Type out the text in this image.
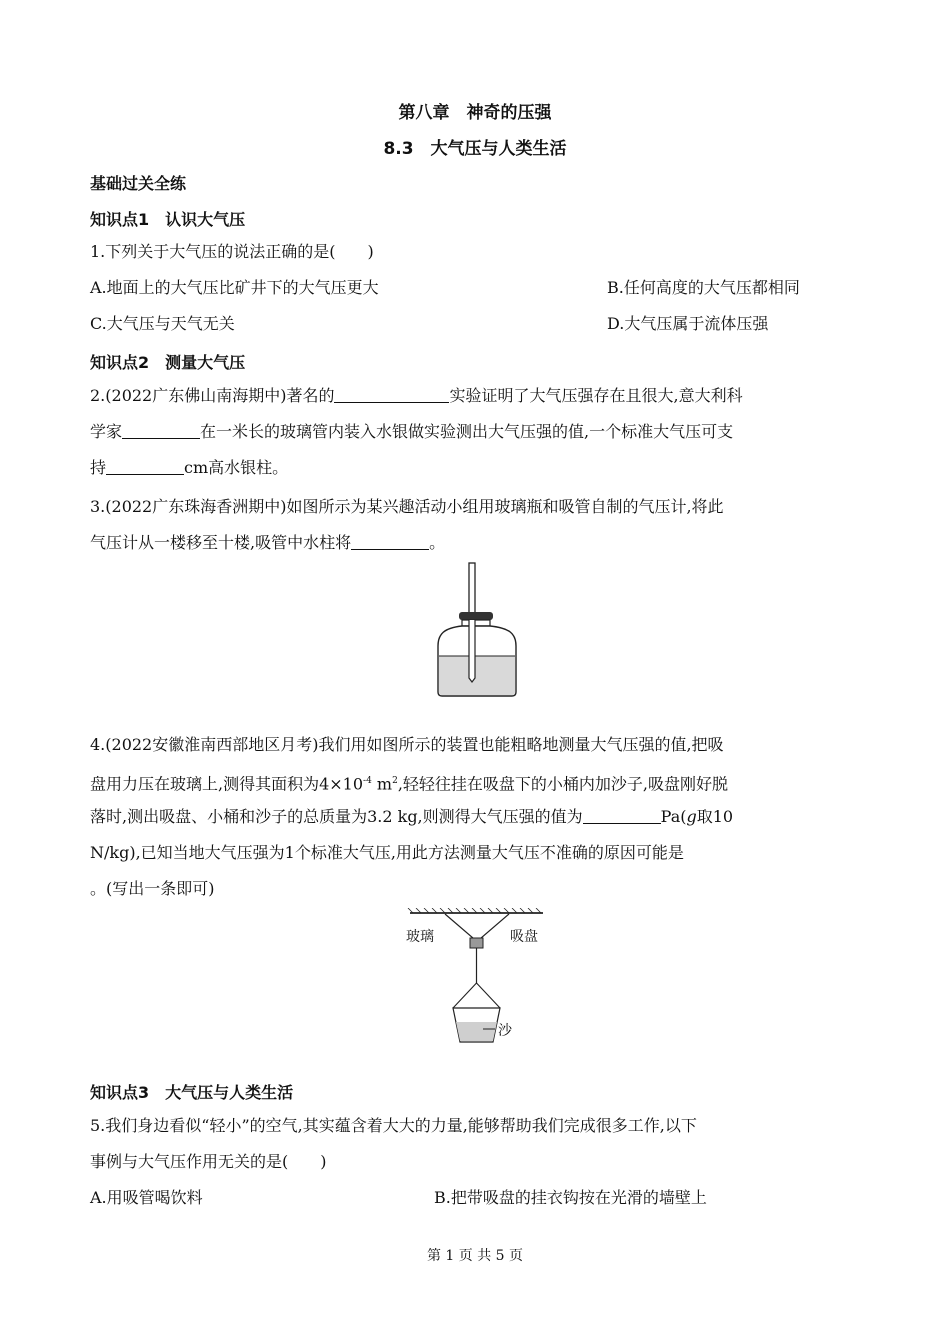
第八章　神奇的压强
8.3　大气压与人类生活
基础过关全练
知识点1　认识大气压
1.下列关于大气压的说法正确的是(　　)
A.地面上的大气压比矿井下的大气压更大	B.任何高度的大气压都相同
C.大气压与天气无关	D.大气压属于流体压强
知识点2　测量大气压
2.(2022广东佛山南海期中)著名的	实验证明了大气压强存在且很大,意大利科
学家	在一米长的玻璃管内装入水银做实验测出大气压强的值,一个标准大气压可支
持	cm高水银柱。
3.(2022广东珠海香洲期中)如图所示为某兴趣活动小组用玻璃瓶和吸管自制的气压计,将此
气压计从一楼移至十楼,吸管中水柱将	。
4.(2022安徽淮南西部地区月考)我们用如图所示的装置也能粗略地测量大气压强的值,把吸
盘用力压在玻璃上,测得其面积为$4\times 10^{-4}$ $m^2$,轻轻往挂在吸盘下的小桶内加沙子,吸盘刚好脱
落时,测出吸盘、小桶和沙子的总质量为3.2 kg,则测得大气压强的值为	Pa(g取10
N/kg),已知当地大气压强为1个标准大气压,用此方法测量大气压不准确的原因可能是
。(写出一条即可)
玻璃	吸盘
沙
知识点3　大气压与人类生活
5.我们身边看似“轻小”的空气,其实蕴含着大大的力量,能够帮助我们完成很多工作,以下
事例与大气压作用无关的是(　　)
A.用吸管喝饮料	B.把带吸盘的挂衣钩按在光滑的墙壁上
第 1 页 共 5 页
